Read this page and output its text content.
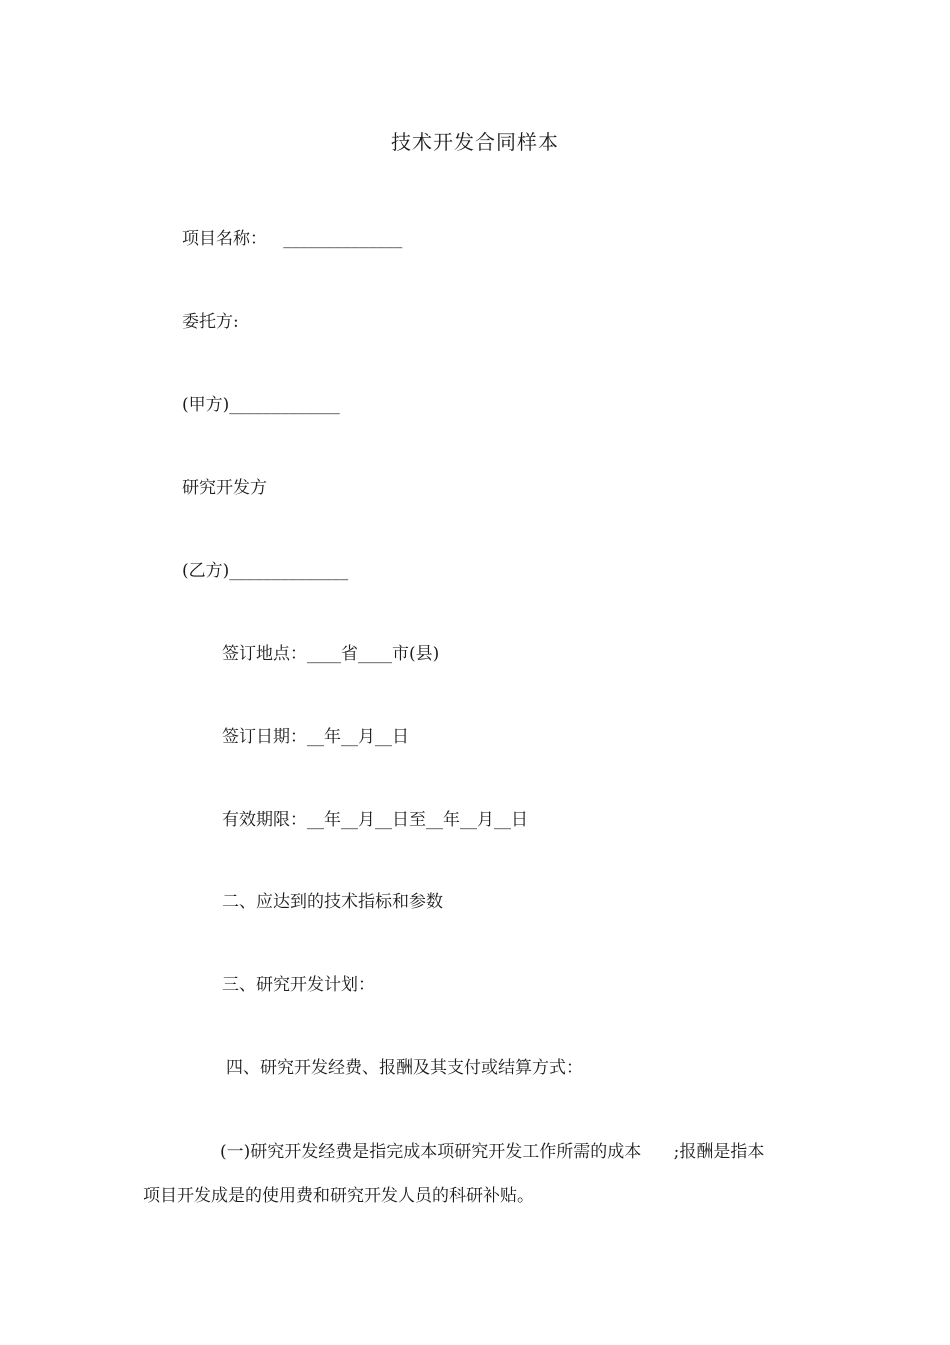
技术开发合同样本
项目名称：   ______________
委托方:
(甲方)_____________
研究开发方
(乙方)______________
签订地点：____省____市(县)
签订日期：__年__月__日
有效期限：__年__月__日至__年__月__日
二、应达到的技术指标和参数
三、研究开发计划：
四、研究开发经费、报酬及其支付或结算方式：
(一)研究开发经费是指完成本项研究开发工作所需的成本      ;报酬是指本
项目开发成是的使用费和研究开发人员的科研补贴。
